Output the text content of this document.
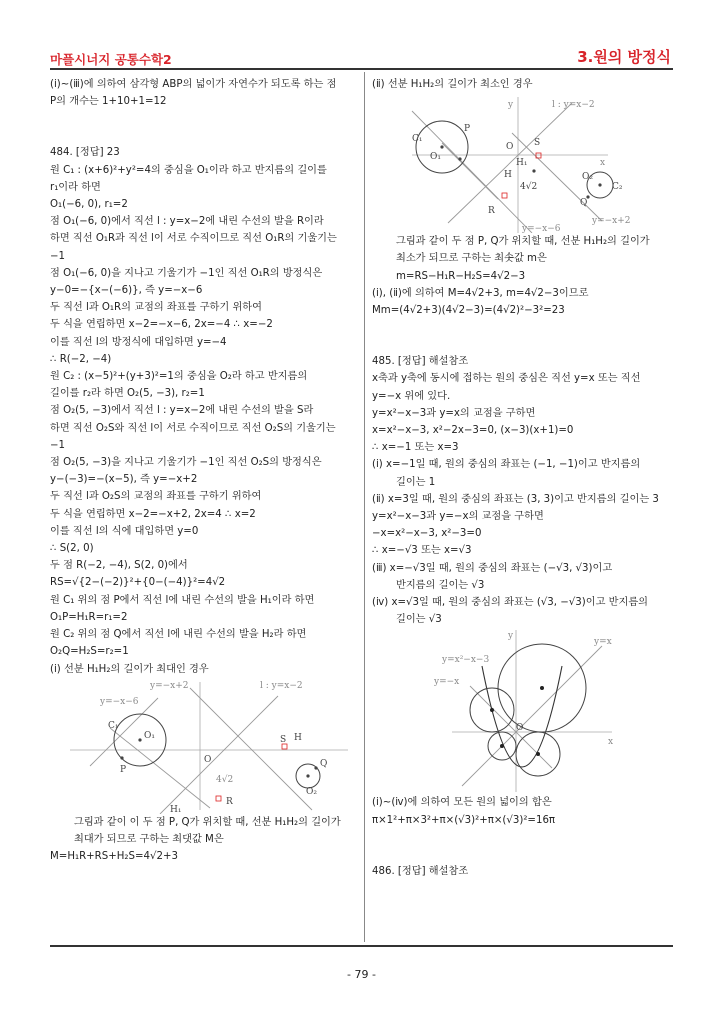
마플시너지 공통수학2	3.원의 방정식
(ⅰ)~(ⅲ)에 의하여 삼각형 ABP의 넓이가 자연수가 되도록 하는 점
P의 개수는 1+10+1=12
484. [정답] 23
원 C₁ : (x+6)²+y²=4의 중심을 O₁이라 하고 반지름의 길이를
r₁이라 하면
O₁(−6, 0), r₁=2
점 O₁(−6, 0)에서 직선 l : y=x−2에 내린 수선의 발을 R이라
하면 직선 O₁R과 직선 l이 서로 수직이므로 직선 O₁R의 기울기는
−1
점 O₁(−6, 0)을 지나고 기울기가 −1인 직선 O₁R의 방정식은
y−0=−{x−(−6)}, 즉 y=−x−6
두 직선 l과 O₁R의 교점의 좌표를 구하기 위하여
두 식을 연립하면 x−2=−x−6, 2x=−4 ∴ x=−2
이를 직선 l의 방정식에 대입하면 y=−4
∴ R(−2, −4)
원 C₂ : (x−5)²+(y+3)²=1의 중심을 O₂라 하고 반지름의
길이를 r₂라 하면 O₂(5, −3), r₂=1
점 O₂(5, −3)에서 직선 l : y=x−2에 내린 수선의 발을 S라
하면 직선 O₂S와 직선 l이 서로 수직이므로 직선 O₂S의 기울기는
−1
점 O₂(5, −3)을 지나고 기울기가 −1인 직선 O₂S의 방정식은
y−(−3)=−(x−5), 즉 y=−x+2
두 직선 l과 O₂S의 교점의 좌표를 구하기 위하여
두 식을 연립하면 x−2=−x+2, 2x=4 ∴ x=2
이를 직선 l의 식에 대입하면 y=0
∴ S(2, 0)
두 점 R(−2, −4), S(2, 0)에서
RS=√{2−(−2)}²+{0−(−4)}²=4√2
원 C₁ 위의 점 P에서 직선 l에 내린 수선의 발을 H₁이라 하면
O₁P=H₁R=r₁=2
원 C₂ 위의 점 Q에서 직선 l에 내린 수선의 발을 H₂라 하면
O₂Q=H₂S=r₂=1
(ⅰ) 선분 H₁H₂의 길이가 최대인 경우
y=−x+2	l : y=x−2
y=−x−6
C₁
O₁
P
S H
O
4√2
R
H₁
Q
O₂
그림과 같이 이 두 점 P, Q가 위치할 때, 선분 H₁H₂의 길이가
최대가 되므로 구하는 최댓값 M은
M=H₁R+RS+H₂S=4√2+3
(ⅱ) 선분 H₁H₂의 길이가 최소인 경우
y	l : y=x−2
C₁
O₁
P
O S
H₁
H
4√2
R
x
O₂
C₂
Q
y=−x+2
y=−x−6
그림과 같이 두 점 P, Q가 위치할 때, 선분 H₁H₂의 길이가
최소가 되므로 구하는 최솟값 m은
m=RS−H₁R−H₂S=4√2−3
(ⅰ), (ⅱ)에 의하여 M=4√2+3, m=4√2−3이므로
Mm=(4√2+3)(4√2−3)=(4√2)²−3²=23
485. [정답] 해설참조
x축과 y축에 동시에 접하는 원의 중심은 직선 y=x 또는 직선
y=−x 위에 있다.
y=x²−x−3과 y=x의 교점을 구하면
x=x²−x−3, x²−2x−3=0, (x−3)(x+1)=0
∴ x=−1 또는 x=3
(ⅰ) x=−1일 때, 원의 중심의 좌표는 (−1, −1)이고 반지름의
길이는 1
(ⅱ) x=3일 때, 원의 중심의 좌표는 (3, 3)이고 반지름의 길이는 3
y=x²−x−3과 y=−x의 교점을 구하면
−x=x²−x−3, x²−3=0
∴ x=−√3 또는 x=√3
(ⅲ) x=−√3일 때, 원의 중심의 좌표는 (−√3, √3)이고
반지름의 길이는 √3
(ⅳ) x=√3일 때, 원의 중심의 좌표는 (√3, −√3)이고 반지름의
길이는 √3
y
y=x
y=x²−x−3
y=−x
O
x
(ⅰ)~(ⅳ)에 의하여 모든 원의 넓이의 합은
π×1²+π×3²+π×(√3)²+π×(√3)²=16π
486. [정답] 해설참조
- 79 -
